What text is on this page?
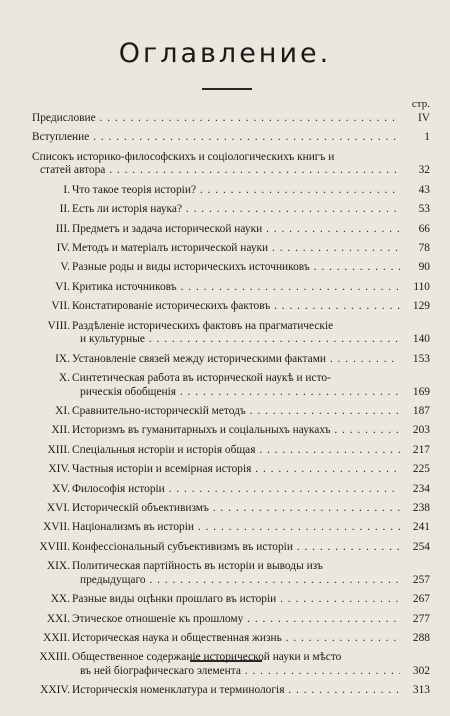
Оглавление.
стр.
Предисловие . . .	IV
Вступление . . .	1
Списокъ историко-философскихъ и соціологическихъ книгъ и
статей автора . . .	32
I. Что такое теорія исторіи? . . .	43
II. Есть ли исторія наука? . . .	53
III. Предметъ и задача исторической науки . . .	66
IV. Методъ и матеріалъ исторической науки . . .	78
V. Разные роды и виды историческихъ источниковъ . . .	90
VI. Критика источниковъ . . .	110
VII. Констатированіе историческихъ фактовъ . . .	129
VIII. Раздѣленіе историческихъ фактовъ на прагматическіе
и культурные . . .	140
IX. Установленіе связей между историческими фактами . . .	153
X. Синтетическая работа въ исторической наукѣ и исто-
рическія обобщенія . . .	169
XI. Сравнительно-историческій методъ . . .	187
XII. Историзмъ въ гуманитарныхъ и соціальныхъ наукахъ . . .	203
XIII. Спеціальныя исторіи и исторія общая . . .	217
XIV. Частныя исторіи и всемірная исторія . . .	225
XV. Философія исторіи . . .	234
XVI. Историческій объективизмъ . . .	238
XVII. Націонализмъ въ исторіи . . .	241
XVIII. Конфессіональный субъективизмъ въ исторіи . . .	254
XIX. Политическая партійность въ исторіи и выводы изъ
предыдущаго . . .	257
XX. Разные виды оцѣнки прошлаго въ исторіи . . .	267
XXI. Этическое отношеніе къ прошлому . . .	277
XXII. Историческая наука и общественная жизнь . . .	288
XXIII. Общественное содержаніе исторической науки и мѣсто
въ ней біографическаго элемента . . .	302
XXIV. Историческія номенклатура и терминологія . . .	313
